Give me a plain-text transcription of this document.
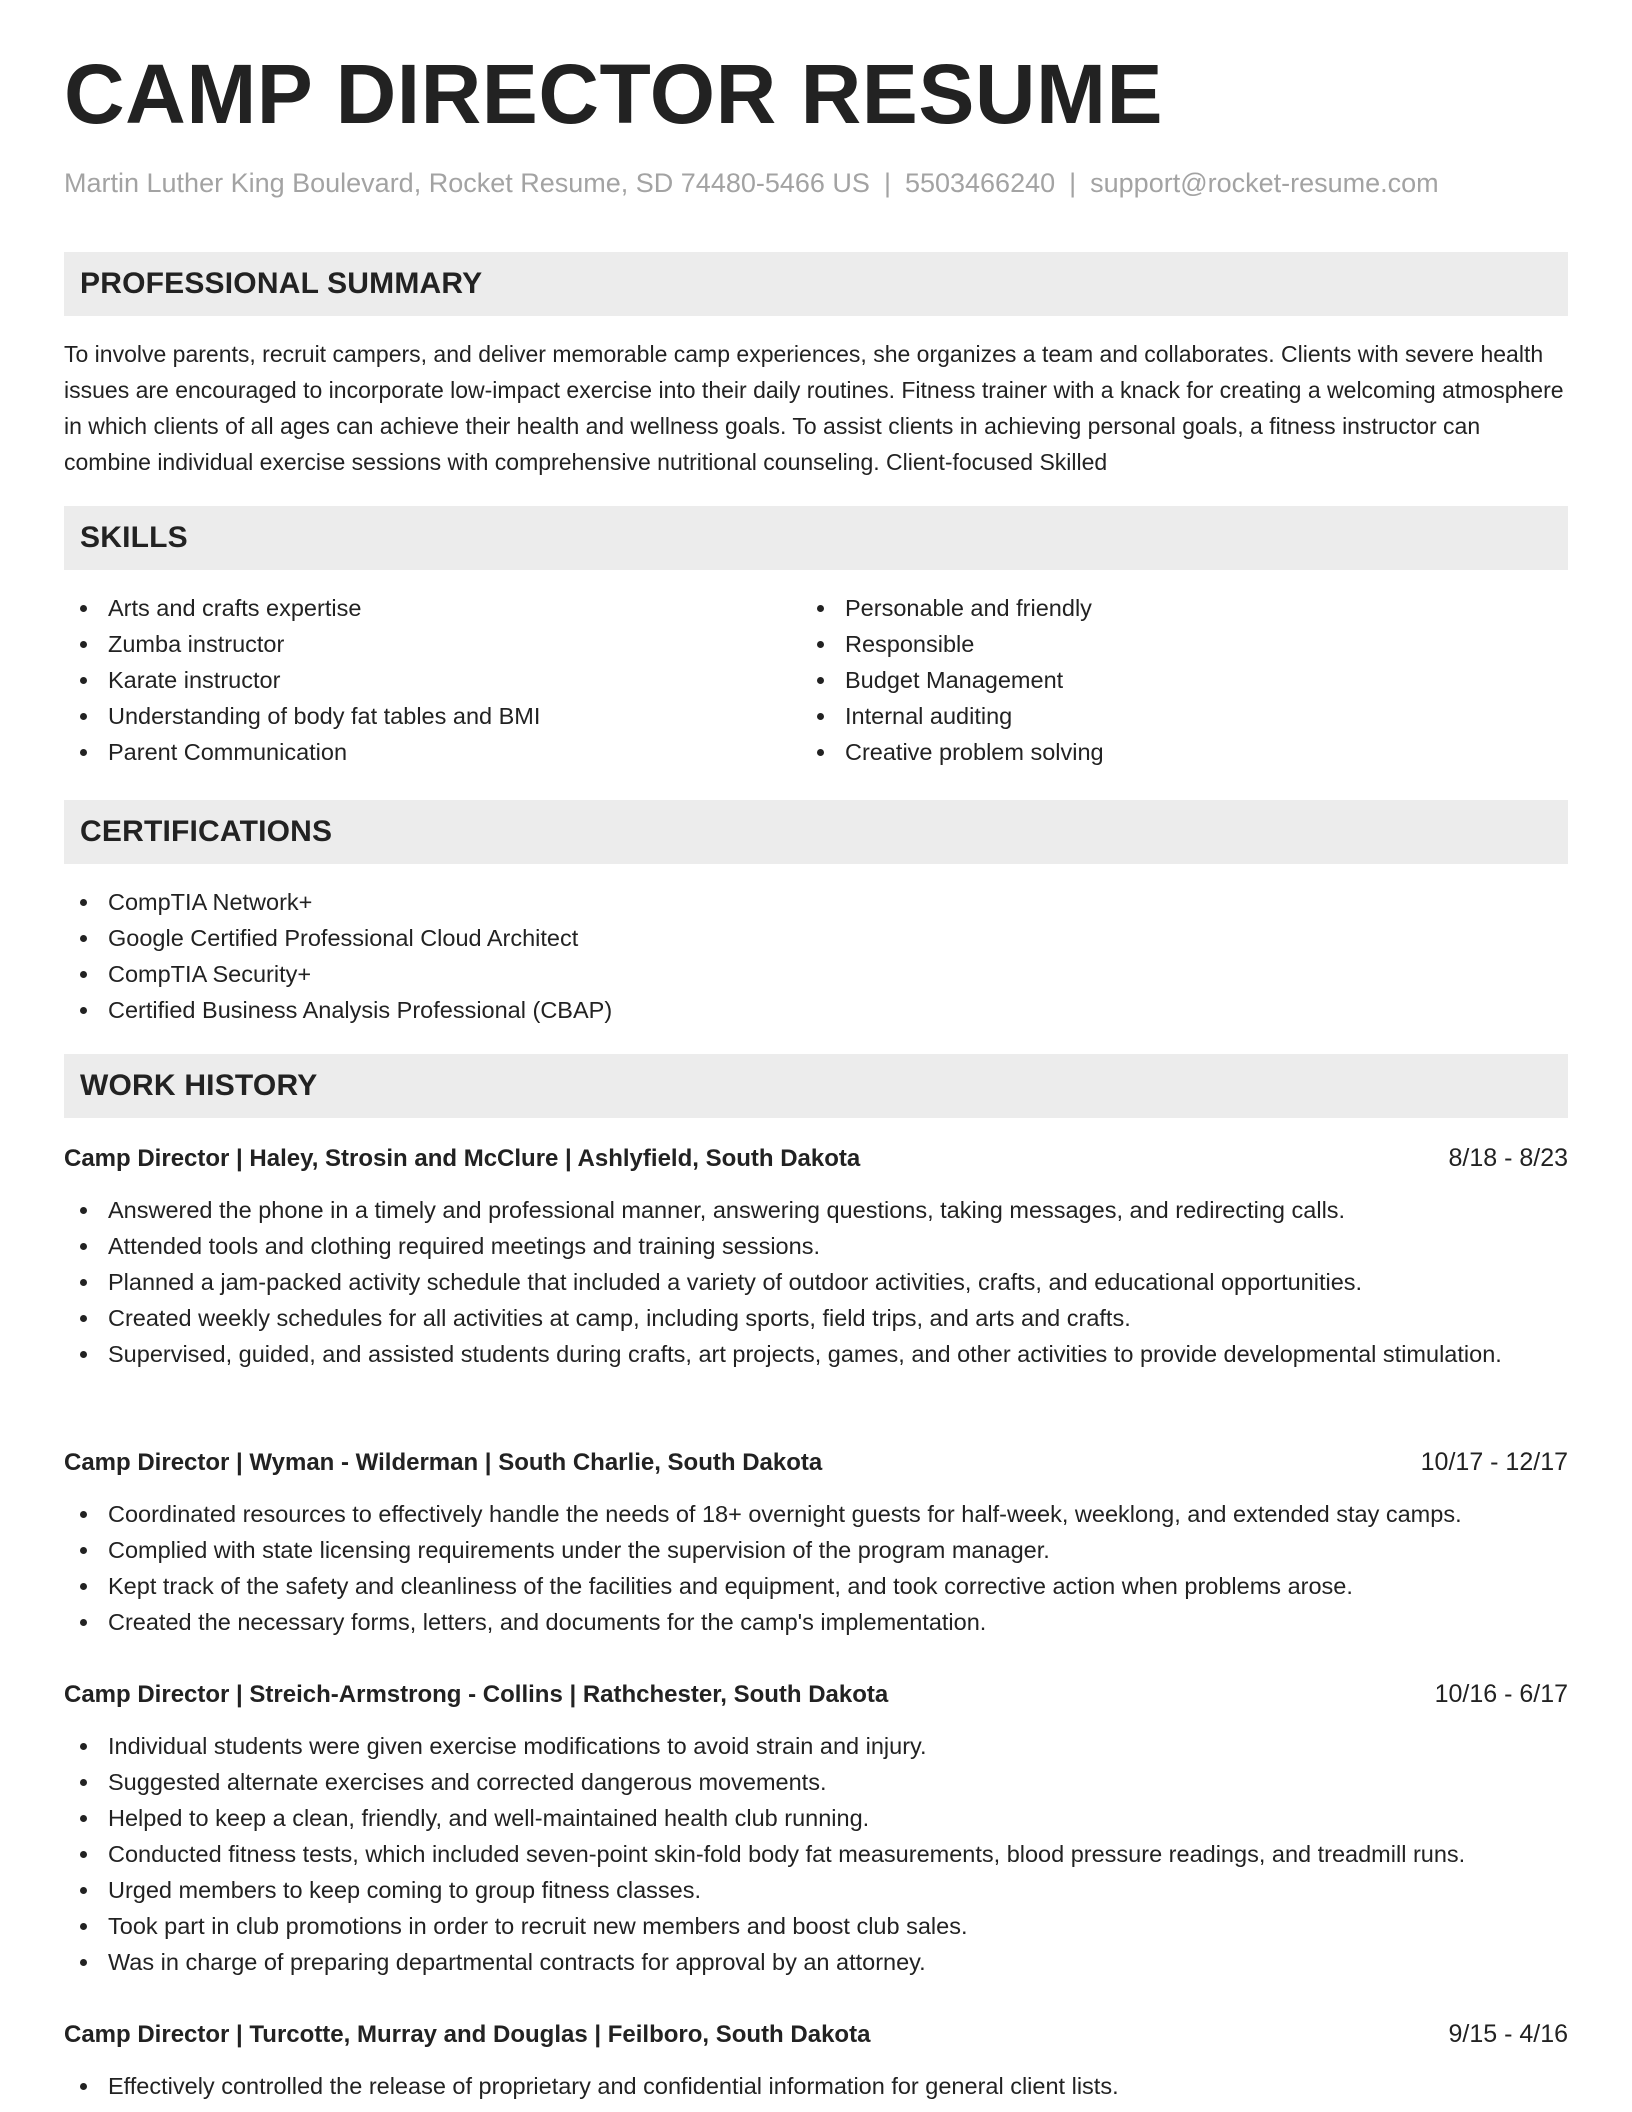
CAMP DIRECTOR RESUME
Martin Luther King Boulevard, Rocket Resume, SD 74480-5466 US | 5503466240 | support@rocket-resume.com
PROFESSIONAL SUMMARY
To involve parents, recruit campers, and deliver memorable camp experiences, she organizes a team and collaborates. Clients with severe health issues are encouraged to incorporate low-impact exercise into their daily routines. Fitness trainer with a knack for creating a welcoming atmosphere in which clients of all ages can achieve their health and wellness goals. To assist clients in achieving personal goals, a fitness instructor can combine individual exercise sessions with comprehensive nutritional counseling. Client-focused Skilled
SKILLS
Arts and crafts expertise
Zumba instructor
Karate instructor
Understanding of body fat tables and BMI
Parent Communication
Personable and friendly
Responsible
Budget Management
Internal auditing
Creative problem solving
CERTIFICATIONS
CompTIA Network+
Google Certified Professional Cloud Architect
CompTIA Security+
Certified Business Analysis Professional (CBAP)
WORK HISTORY
Camp Director | Haley, Strosin and McClure | Ashlyfield, South Dakota	8/18 - 8/23
Answered the phone in a timely and professional manner, answering questions, taking messages, and redirecting calls.
Attended tools and clothing required meetings and training sessions.
Planned a jam-packed activity schedule that included a variety of outdoor activities, crafts, and educational opportunities.
Created weekly schedules for all activities at camp, including sports, field trips, and arts and crafts.
Supervised, guided, and assisted students during crafts, art projects, games, and other activities to provide developmental stimulation.
Camp Director | Wyman - Wilderman | South Charlie, South Dakota	10/17 - 12/17
Coordinated resources to effectively handle the needs of 18+ overnight guests for half-week, weeklong, and extended stay camps.
Complied with state licensing requirements under the supervision of the program manager.
Kept track of the safety and cleanliness of the facilities and equipment, and took corrective action when problems arose.
Created the necessary forms, letters, and documents for the camp's implementation.
Camp Director | Streich-Armstrong - Collins | Rathchester, South Dakota	10/16 - 6/17
Individual students were given exercise modifications to avoid strain and injury.
Suggested alternate exercises and corrected dangerous movements.
Helped to keep a clean, friendly, and well-maintained health club running.
Conducted fitness tests, which included seven-point skin-fold body fat measurements, blood pressure readings, and treadmill runs.
Urged members to keep coming to group fitness classes.
Took part in club promotions in order to recruit new members and boost club sales.
Was in charge of preparing departmental contracts for approval by an attorney.
Camp Director | Turcotte, Murray and Douglas | Feilboro, South Dakota	9/15 - 4/16
Effectively controlled the release of proprietary and confidential information for general client lists.
